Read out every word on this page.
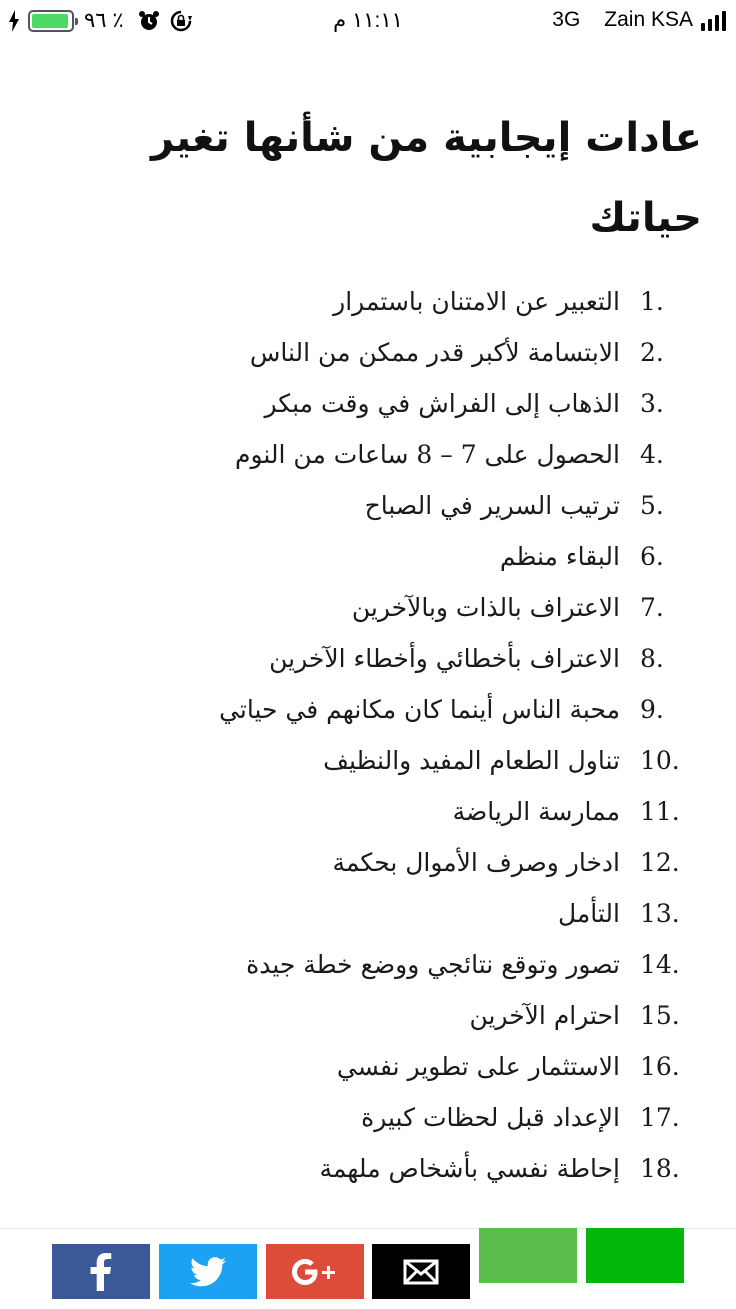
٪ ٩٦	١١:١١ م	3G Zain KSA
عادات إيجابية من شأنها تغير حياتك
1.
التعبير عن الامتنان باستمرار
2.
الابتسامة لأكبر قدر ممكن من الناس
3.
الذهاب إلى الفراش في وقت مبكر
4.
الحصول على 7 – 8 ساعات من النوم
5.
ترتيب السرير في الصباح
6.
البقاء منظم
7.
الاعتراف بالذات وبالآخرين
8.
الاعتراف بأخطائي وأخطاء الآخرين
9.
محبة الناس أينما كان مكانهم في حياتي
10.
تناول الطعام المفيد والنظيف
11.
ممارسة الرياضة
12.
ادخار وصرف الأموال بحكمة
13.
التأمل
14.
تصور وتوقع نتائجي ووضع خطة جيدة
15.
احترام الآخرين
16.
الاستثمار على تطوير نفسي
17.
الإعداد قبل لحظات كبيرة
18.
إحاطة نفسي بأشخاص ملهمة
